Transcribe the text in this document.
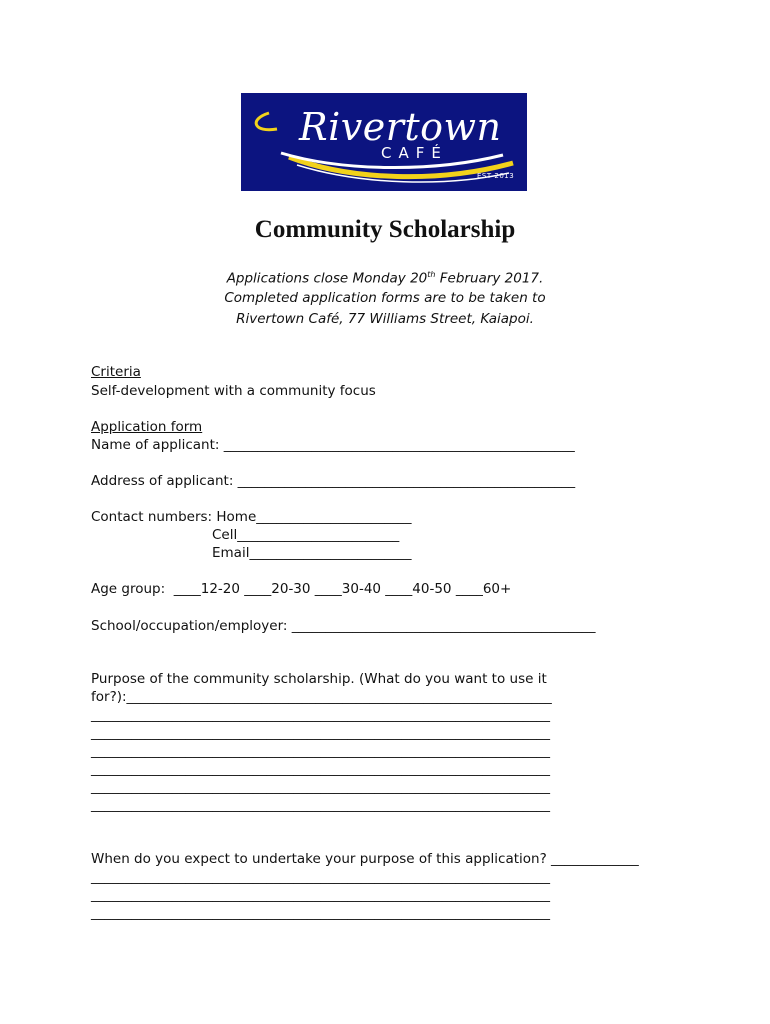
Rivertown
CAFÉ
EST 2013
Community Scholarship
Applications close Monday 20th February 2017.
Completed application forms are to be taken to
Rivertown Café, 77 Williams Street, Kaiapoi.
Criteria
Self-development with a community focus
Application form
Name of applicant: ____________________________________________________
Address of applicant: __________________________________________________
Contact numbers: Home_______________________
Cell________________________
Email________________________
Age group:  ____12-20 ____20-30 ____30-40 ____40-50 ____60+
School/occupation/employer: _____________________________________________
Purpose of the community scholarship. (What do you want to use it
for?):_______________________________________________________________
____________________________________________________________________
____________________________________________________________________
____________________________________________________________________
____________________________________________________________________
____________________________________________________________________
____________________________________________________________________
When do you expect to undertake your purpose of this application? _____________
____________________________________________________________________
____________________________________________________________________
____________________________________________________________________
